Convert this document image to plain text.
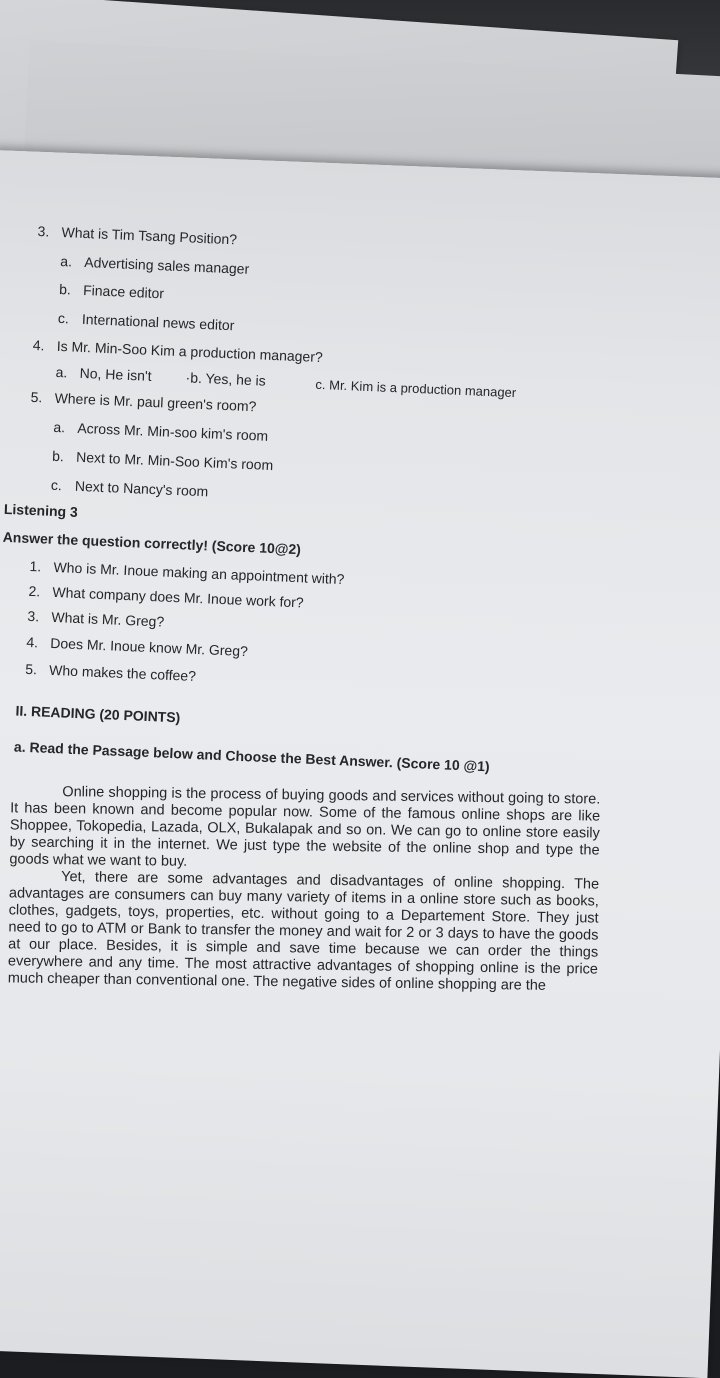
3. What is Tim Tsang Position?
a. Advertising sales manager
b. Finace editor
c. International news editor
4. Is Mr. Min-Soo Kim a production manager?
a. No, He isn't ·b. Yes, he is	c. Mr. Kim is a production manager
5. Where is Mr. paul green's room?
a. Across Mr. Min-soo kim's room
b. Next to Mr. Min-Soo Kim's room
c. Next to Nancy's room
Listening 3
Answer the question correctly! (Score 10@2)
1. Who is Mr. Inoue making an appointment with?
2. What company does Mr. Inoue work for?
3. What is Mr. Greg?
4. Does Mr. Inoue know Mr. Greg?
5. Who makes the coffee?
II. READING (20 POINTS)
a. Read the Passage below and Choose the Best Answer. (Score 10 @1)

Online shopping is the process of buying goods and services without going to store. It has been known and become popular now. Some of the famous online shops are like Shoppee, Tokopedia, Lazada, OLX, Bukalapak and so on. We can go to online store easily by searching it in the internet. We just type the website of the online shop and type the goods what we want to buy.

Yet, there are some advantages and disadvantages of online shopping. The advantages are consumers can buy many variety of items in a online store such as books, clothes, gadgets, toys, properties, etc. without going to a Departement Store. They just need to go to ATM or Bank to transfer the money and wait for 2 or 3 days to have the goods at our place. Besides, it is simple and save time because we can order the things everywhere and any time. The most attractive advantages of shopping online is the price much cheaper than conventional one. The negative sides of online shopping are the
